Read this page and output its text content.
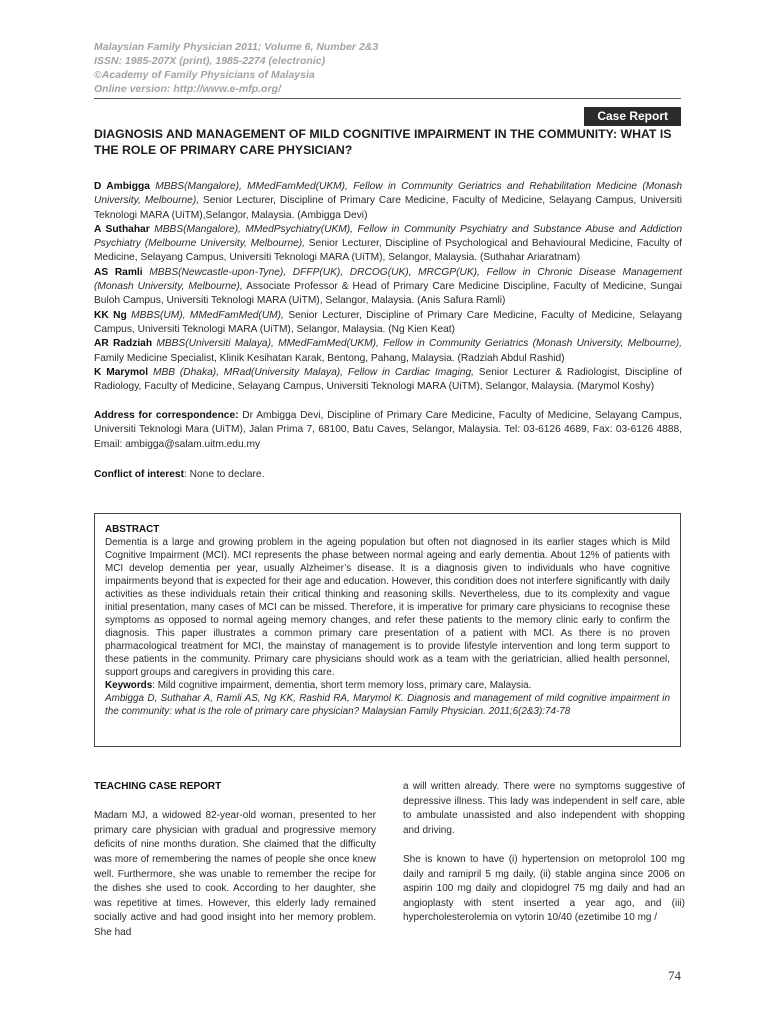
Malaysian Family Physician 2011; Volume 6, Number 2&3
ISSN: 1985-207X (print), 1985-2274 (electronic)
©Academy of Family Physicians of Malaysia
Online version: http://www.e-mfp.org/
Case Report
DIAGNOSIS AND MANAGEMENT OF MILD COGNITIVE IMPAIRMENT IN THE COMMUNITY: WHAT IS THE ROLE OF PRIMARY CARE PHYSICIAN?

D Ambigga MBBS(Mangalore), MMedFamMed(UKM), Fellow in Community Geriatrics and Rehabilitation Medicine (Monash University, Melbourne), Senior Lecturer, Discipline of Primary Care Medicine, Faculty of Medicine, Selayang Campus, Universiti Teknologi MARA (UiTM),Selangor, Malaysia. (Ambigga Devi)

A Suthahar MBBS(Mangalore), MMedPsychiatry(UKM), Fellow in Community Psychiatry and Substance Abuse and Addiction Psychiatry (Melbourne University, Melbourne), Senior Lecturer, Discipline of Psychological and Behavioural Medicine, Faculty of Medicine, Selayang Campus, Universiti Teknologi MARA (UiTM), Selangor, Malaysia. (Suthahar Ariaratnam)

AS Ramli MBBS(Newcastle-upon-Tyne), DFFP(UK), DRCOG(UK), MRCGP(UK), Fellow in Chronic Disease Management (Monash University, Melbourne), Associate Professor & Head of Primary Care Medicine Discipline, Faculty of Medicine, Sungai Buloh Campus, Universiti Teknologi MARA (UiTM), Selangor, Malaysia. (Anis Safura Ramli)

KK Ng MBBS(UM), MMedFamMed(UM), Senior Lecturer, Discipline of Primary Care Medicine, Faculty of Medicine, Selayang Campus, Universiti Teknologi MARA (UiTM), Selangor, Malaysia. (Ng Kien Keat)

AR Radziah MBBS(Universiti Malaya), MMedFamMed(UKM), Fellow in Community Geriatrics (Monash University, Melbourne), Family Medicine Specialist, Klinik Kesihatan Karak, Bentong, Pahang, Malaysia. (Radziah Abdul Rashid)

K Marymol MBB (Dhaka), MRad(University Malaya), Fellow in Cardiac Imaging, Senior Lecturer & Radiologist, Discipline of Radiology, Faculty of Medicine, Selayang Campus, Universiti Teknologi MARA (UiTM), Selangor, Malaysia. (Marymol Koshy)

Address for correspondence: Dr Ambigga Devi, Discipline of Primary Care Medicine, Faculty of Medicine, Selayang Campus, Universiti Teknologi Mara (UiTM), Jalan Prima 7, 68100, Batu Caves, Selangor, Malaysia. Tel: 03-6126 4689, Fax: 03-6126 4888, Email: ambigga@salam.uitm.edu.my
Conflict of interest: None to declare.
ABSTRACT
Dementia is a large and growing problem in the ageing population but often not diagnosed in its earlier stages which is Mild Cognitive Impairment (MCI). MCI represents the phase between normal ageing and early dementia. About 12% of patients with MCI develop dementia per year, usually Alzheimer’s disease. It is a diagnosis given to individuals who have cognitive impairments beyond that is expected for their age and education. However, this condition does not interfere significantly with daily activities as these individuals retain their critical thinking and reasoning skills. Nevertheless, due to its complexity and vague initial presentation, many cases of MCI can be missed. Therefore, it is imperative for primary care physicians to recognise these symptoms as opposed to normal ageing memory changes, and refer these patients to the memory clinic early to confirm the diagnosis. This paper illustrates a common primary care presentation of a patient with MCI. As there is no proven pharmacological treatment for MCI, the mainstay of management is to provide lifestyle intervention and long term support to these patients in the community. Primary care physicians should work as a team with the geriatrician, allied health personnel, support groups and caregivers in providing this care.
Keywords: Mild cognitive impairment, dementia, short term memory loss, primary care, Malaysia.
Ambigga D, Suthahar A, Ramli AS, Ng KK, Rashid RA, Marymol K. Diagnosis and management of mild cognitive impairment in the community: what is the role of primary care physician? Malaysian Family Physician. 2011;6(2&3):74-78
TEACHING CASE REPORT

Madam MJ, a widowed 82-year-old woman, presented to her primary care physician with gradual and progressive memory deficits of nine months duration. She claimed that the difficulty was more of remembering the names of people she once knew well. Furthermore, she was unable to remember the recipe for the dishes she used to cook. According to her daughter, she was repetitive at times. However, this elderly lady remained socially active and had good insight into her memory problem. She had

a will written already. There were no symptoms suggestive of depressive illness. This lady was independent in self care, able to ambulate unassisted and also independent with shopping and driving.

She is known to have (i) hypertension on metoprolol 100 mg daily and ramipril 5 mg daily, (ii) stable angina since 2006 on aspirin 100 mg daily and clopidogrel 75 mg daily and had an angioplasty with stent inserted a year ago, and (iii) hypercholesterolemia on vytorin 10/40 (ezetimibe 10 mg /

74
